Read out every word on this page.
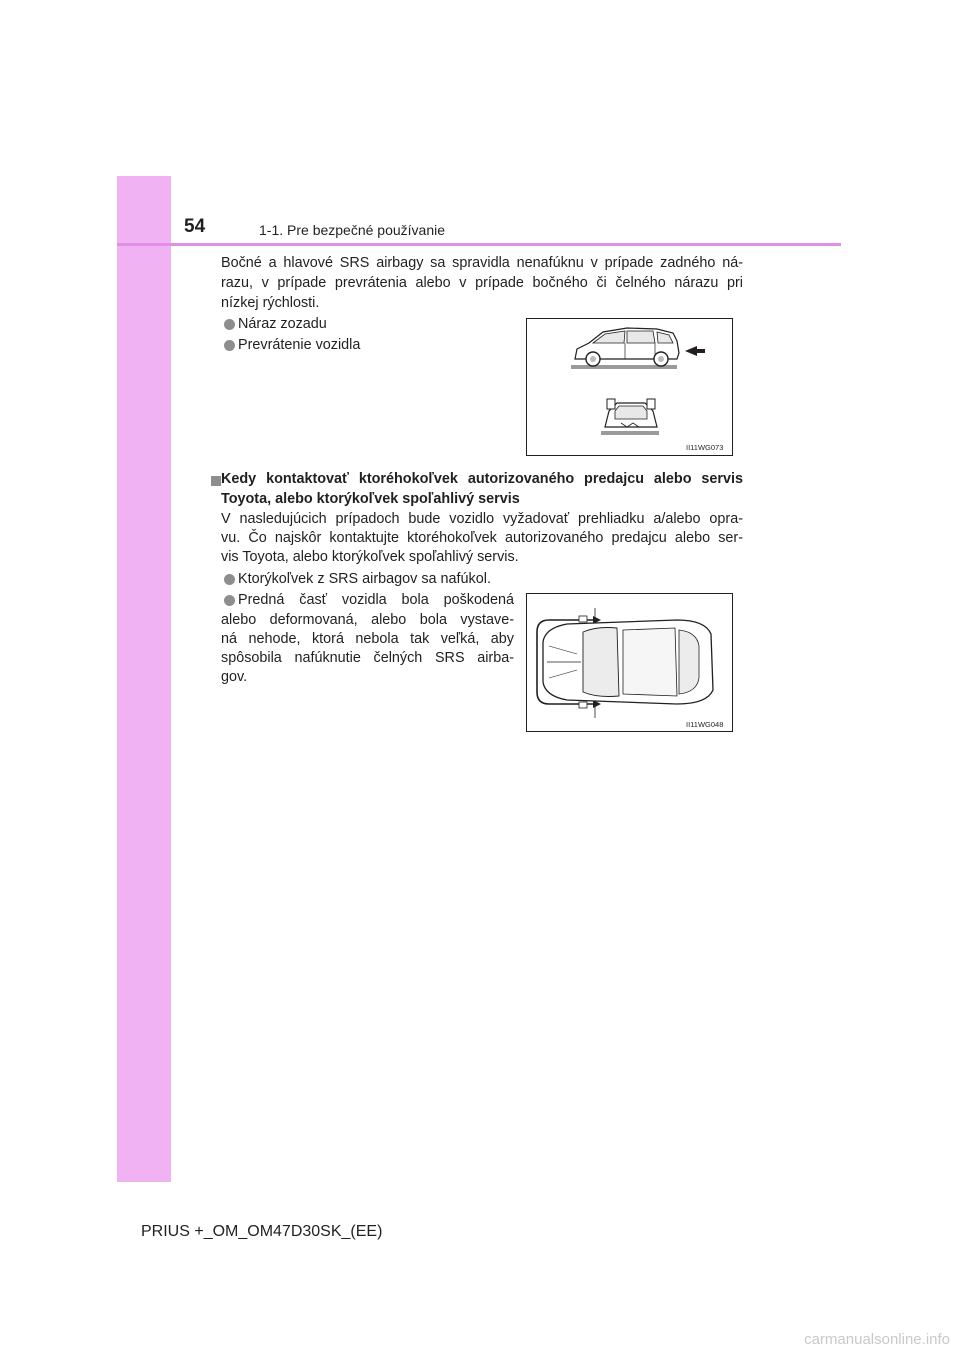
54	1-1. Pre bezpečné používanie
Bočné a hlavové SRS airbagy sa spravidla nenafúknu v prípade zadného ná-
razu, v prípade prevrátenia alebo v prípade bočného či čelného nárazu pri
nízkej rýchlosti.
Náraz zozadu
Prevrátenie vozidla
II11WG073
Kedy kontaktovať ktoréhokoľvek autorizovaného predajcu alebo servis
Toyota, alebo ktorýkoľvek spoľahlivý servis
V nasledujúcich prípadoch bude vozidlo vyžadovať prehliadku a/alebo opra-
vu. Čo najskôr kontaktujte ktoréhokoľvek autorizovaného predajcu alebo ser-
vis Toyota, alebo ktorýkoľvek spoľahlivý servis.
Ktorýkoľvek z SRS airbagov sa nafúkol.
Predná časť vozidla bola poškodená
alebo deformovaná, alebo bola vystave-
ná nehode, ktorá nebola tak veľká, aby
spôsobila nafúknutie čelných SRS airba-
gov.
II11WG048
PRIUS +_OM_OM47D30SK_(EE)
carmanualsonline.info
